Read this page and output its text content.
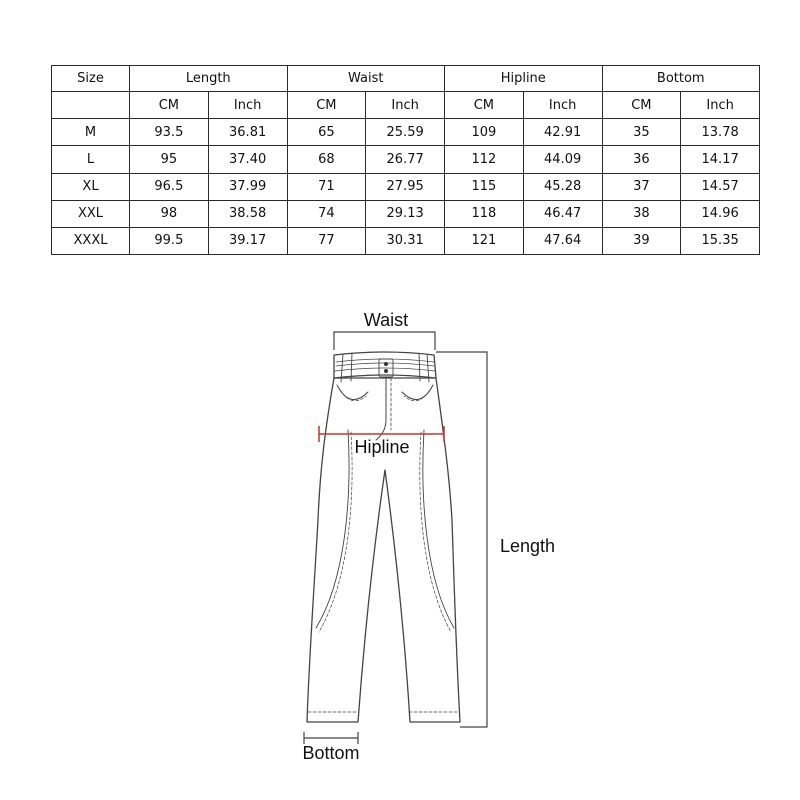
Size	Length		Waist		Hipline		Bottom	
	CM	Inch	CM	Inch	CM	Inch	CM	Inch
M	93.5	36.81	65	25.59	109	42.91	35	13.78
L	95	37.40	68	26.77	112	44.09	36	14.17
XL	96.5	37.99	71	27.95	115	45.28	37	14.57
XXL	98	38.58	74	29.13	118	46.47	38	14.96
XXXL	99.5	39.17	77	30.31	121	47.64	39	15.35
Waist
Hipline
Length
Bottom
